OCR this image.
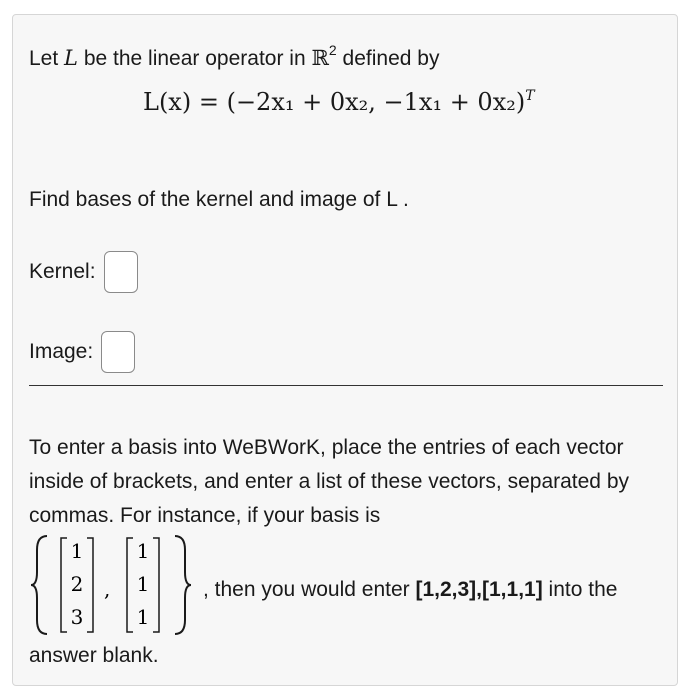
Let L be the linear operator in ℝ$^2$ defined by
L(x) = (−2x₁ + 0x₂, −1x₁ + 0x₂)$^T$
Find bases of the kernel and image of L .
Kernel:
Image:
To enter a basis into WeBWorK, place the entries of each vector inside of brackets, and enter a list of these vectors, separated by commas. For instance, if your basis is
1
2
3
,
1
1
1
, then you would enter [1,2,3],[1,1,1] into the
answer blank.
